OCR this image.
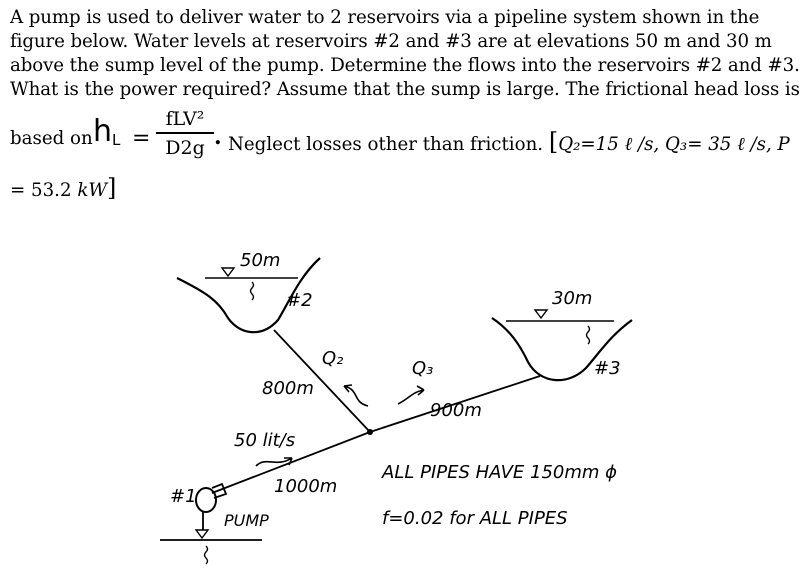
A pump is used to deliver water to 2 reservoirs via a pipeline system shown in the
figure below. Water levels at reservoirs #2 and #3 are at elevations 50 m and 30 m
above the sump level of the pump. Determine the flows into the reservoirs #2 and #3.
What is the power required? Assume that the sump is large. The frictional head loss is
based on $h_L$ =
fLV²
D2g . Neglect losses other than friction. [Q₂=15 ℓ /s, Q₃= 35 ℓ /s, P
= 53.2 kW]
50m
#2	30m
#3
Q₂	Q₃
800m
900m
1000m
50 lit/s
#1
PUMP
ALL PIPES HAVE 150mm ϕ
f=0.02 for ALL PIPES
